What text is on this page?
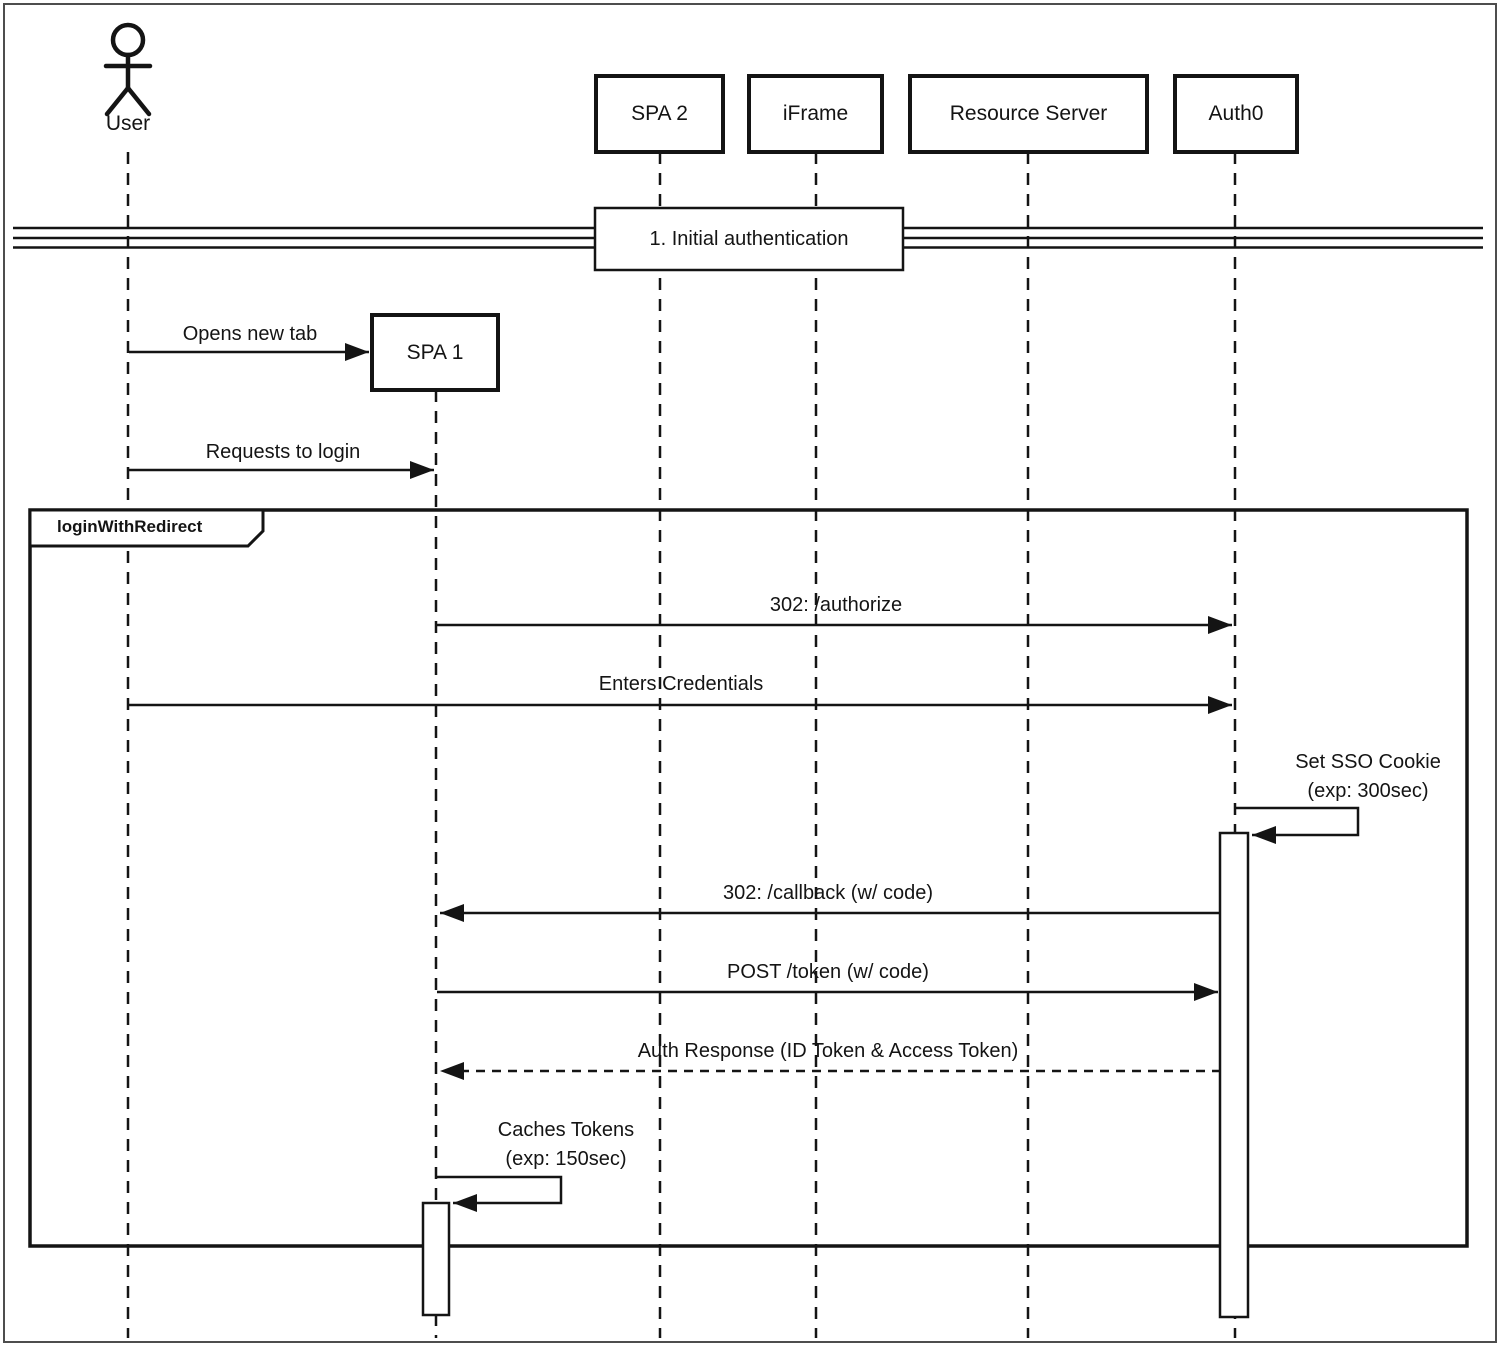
User	SPA 2	iFrame	Resource Server	Auth0
SPA 1
1. Initial authentication
loginWithRedirect
Opens new tab
Requests to login
302: /authorize
Enters Credentials
Set SSO Cookie
(exp: 300sec)
302: /callback (w/ code)
POST /token (w/ code)
Auth Response (ID Token & Access Token)
Caches Tokens
(exp: 150sec)
